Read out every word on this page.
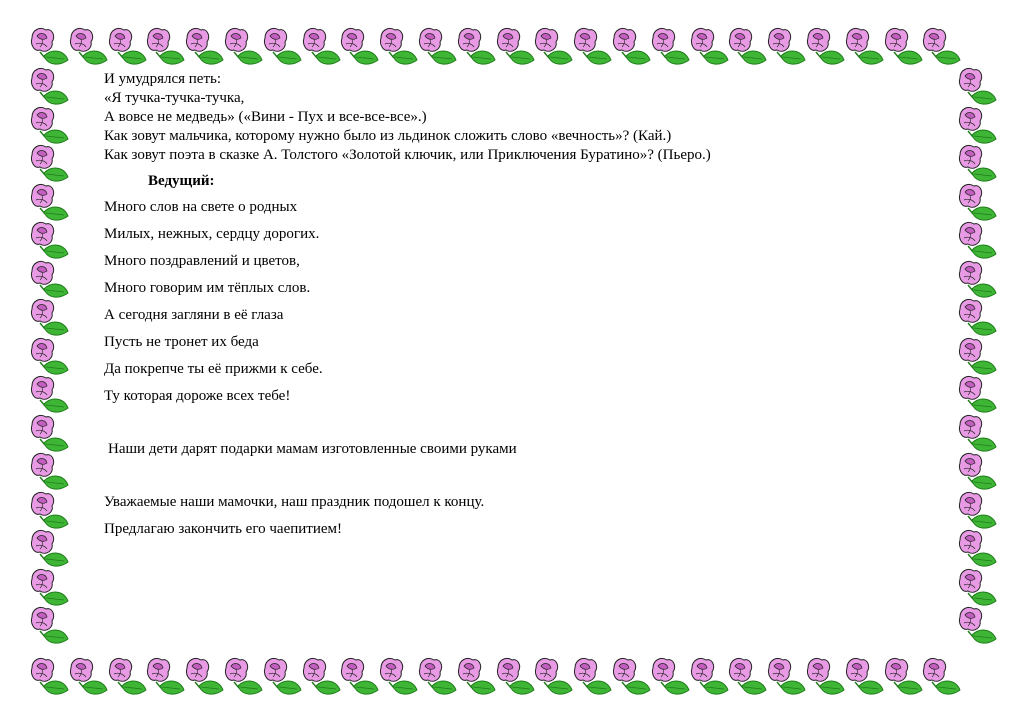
И умудрялся петь:

«Я тучка-тучка-тучка,

А вовсе не медведь» («Вини - Пух и все-все-все».)

Как зовут мальчика, которому нужно было из льдинок сложить слово «вечность»? (Кай.)

Как зовут поэта в сказке А. Толстого «Золотой ключик, или Приключения Буратино»? (Пьеро.)

Ведущий:

Много слов на свете о родных

Милых, нежных, сердцу дорогих.

Много поздравлений и цветов,

Много говорим им тёплых слов.

А сегодня загляни в её глаза

Пусть не тронет их беда

Да покрепче ты её прижми к себе.

Ту которая дороже всех тебе!

Наши дети дарят подарки мамам изготовленные своими руками

Уважаемые наши мамочки, наш праздник подошел к концу.

Предлагаю закончить его чаепитием!
